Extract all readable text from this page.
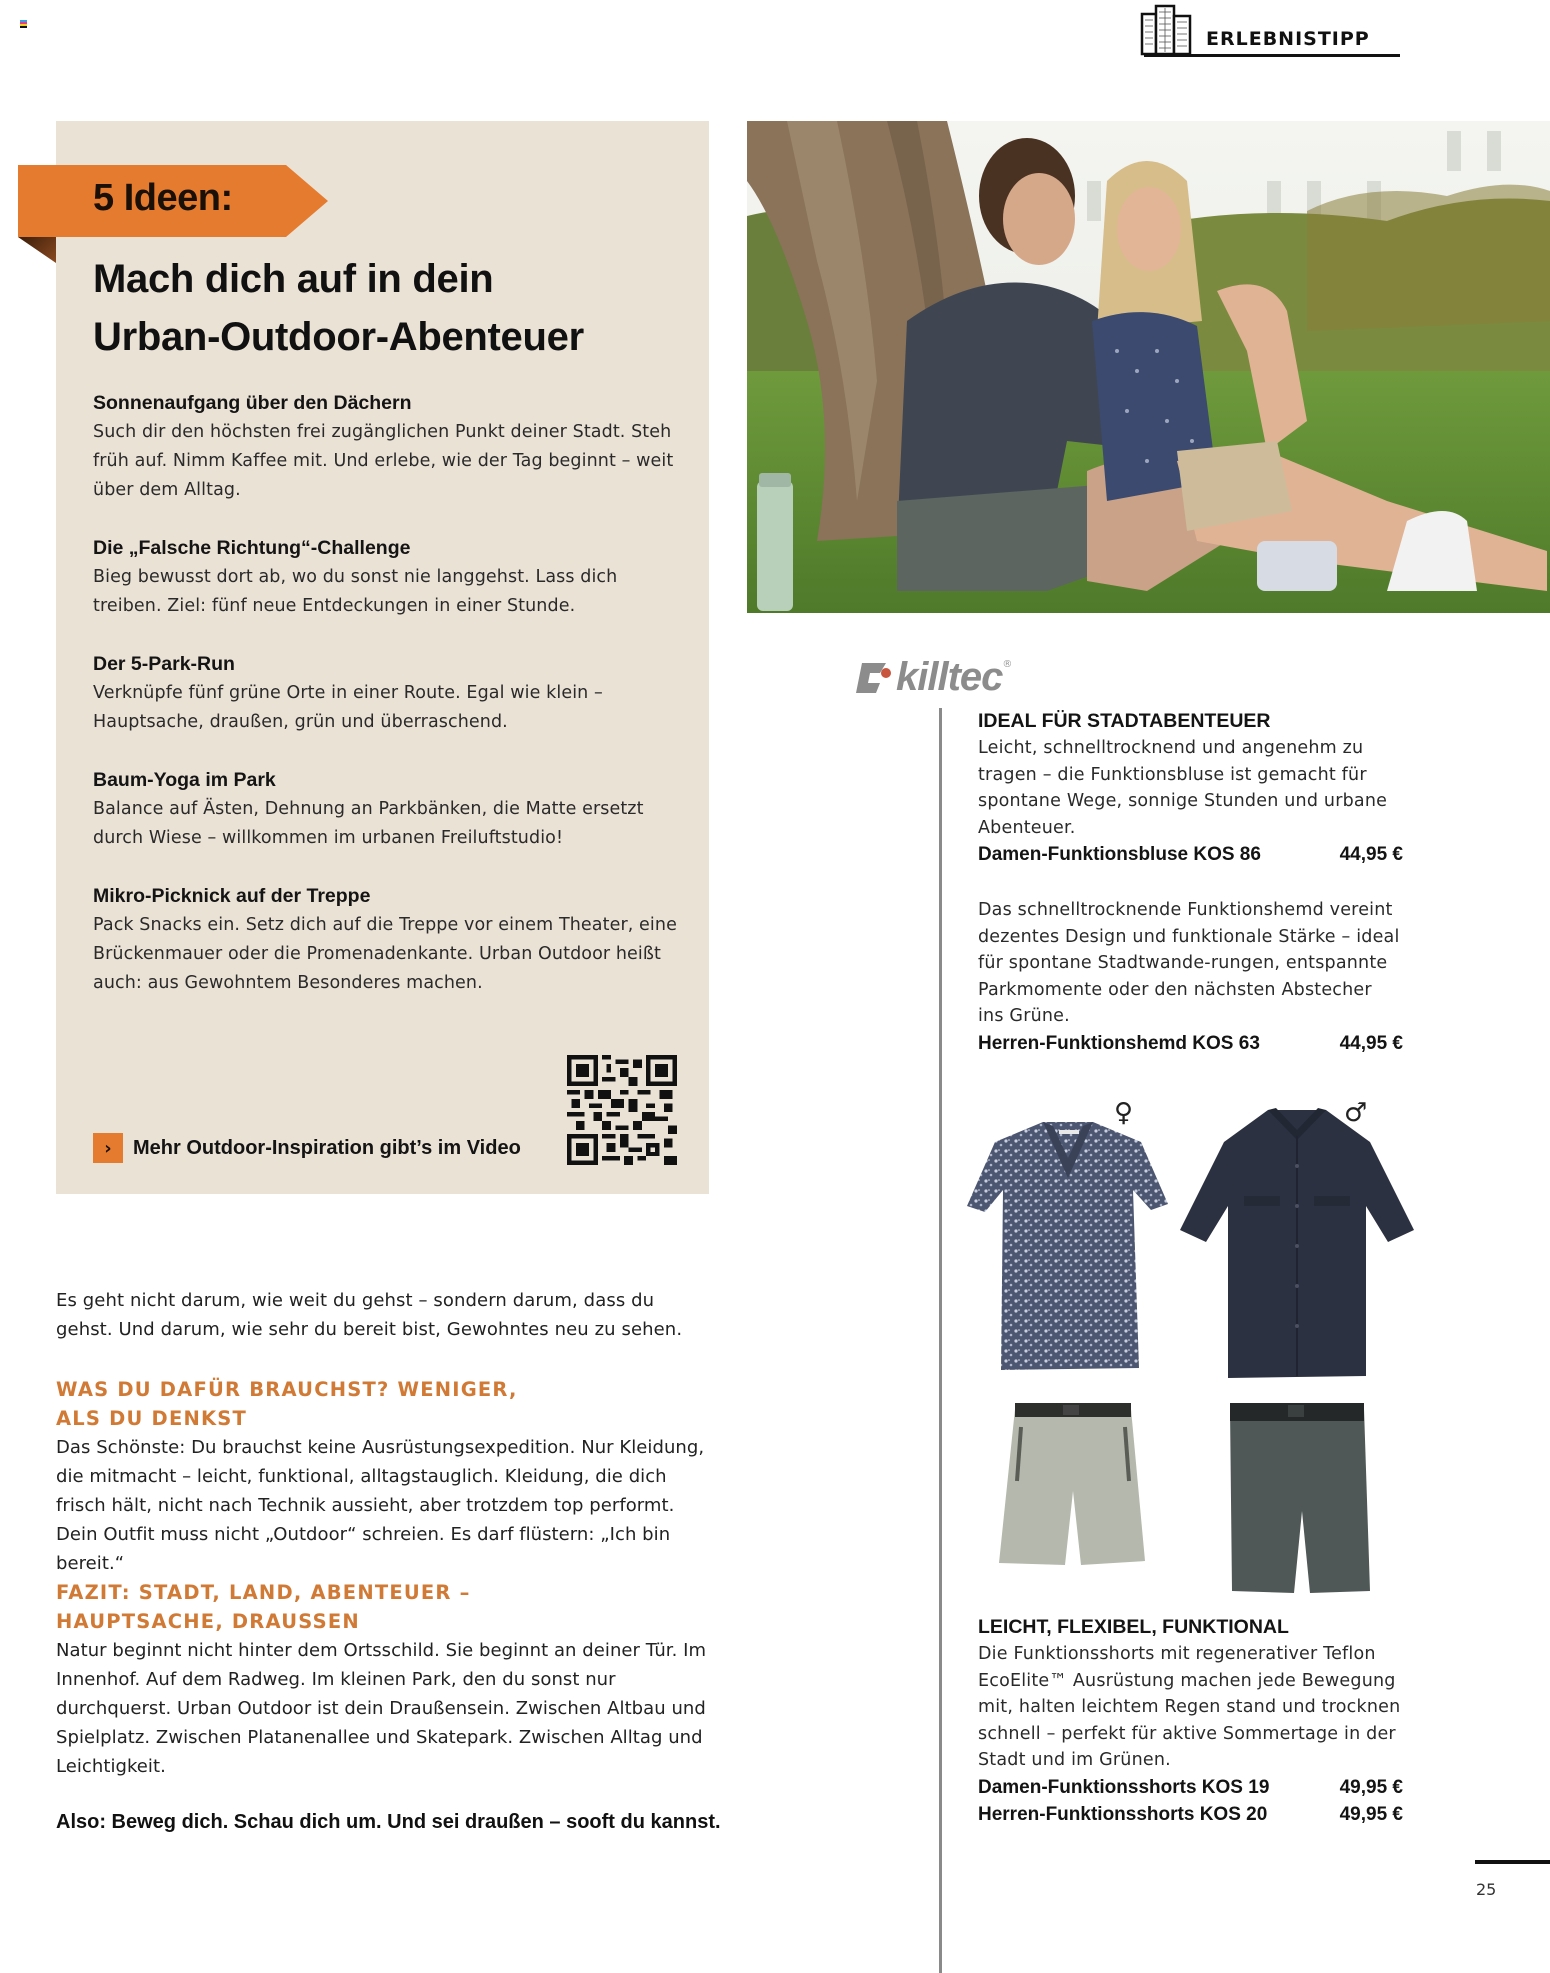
ERLEBNISTIPP
5 Ideen:
Mach dich auf in dein
Urban-Outdoor-Abenteuer
Sonnenaufgang über den Dächern

Such dir den höchsten frei zugänglichen Punkt deiner Stadt. Steh früh auf. Nimm Kaffee mit. Und erlebe, wie der Tag beginnt – weit über dem Alltag.

Die „Falsche Richtung“-Challenge

Bieg bewusst dort ab, wo du sonst nie langgehst. Lass dich treiben. Ziel: fünf neue Entdeckungen in einer Stunde.

Der 5-Park-Run

Verknüpfe fünf grüne Orte in einer Route. Egal wie klein – Hauptsache, draußen, grün und überraschend.

Baum-Yoga im Park

Balance auf Ästen, Dehnung an Parkbänken, die Matte ersetzt durch Wiese – willkommen im urbanen Freiluftstudio!

Mikro-Picknick auf der Treppe

Pack Snacks ein. Setz dich auf die Treppe vor einem Theater, eine Brückenmauer oder die Promenadenkante. Urban Outdoor heißt auch: aus Gewohntem Besonderes machen.

›	Mehr Outdoor-Inspiration gibt’s im Video

Es geht nicht darum, wie weit du gehst – sondern darum, dass du gehst. Und darum, wie sehr du bereit bist, Gewohntes neu zu sehen.

WAS DU DAFÜR BRAUCHST? WENIGER,
ALS DU DENKST

Das Schönste: Du brauchst keine Ausrüstungsexpedition. Nur Kleidung, die mitmacht – leicht, funktional, alltagstauglich. Kleidung, die dich frisch hält, nicht nach Technik aussieht, aber trotzdem top performt. Dein Outfit muss nicht „Outdoor“ schreien. Es darf flüstern: „Ich bin bereit.“

FAZIT: STADT, LAND, ABENTEUER –
HAUPTSACHE, DRAUSSEN

Natur beginnt nicht hinter dem Ortsschild. Sie beginnt an deiner Tür. Im Innenhof. Auf dem Radweg. Im kleinen Park, den du sonst nur durchquerst. Urban Outdoor ist dein Draußensein. Zwischen Altbau und Spielplatz. Zwischen Platanenallee und Skatepark. Zwischen Alltag und Leichtigkeit.

Also: Beweg dich. Schau dich um. Und sei draußen – sooft du kannst.

killtec ®
IDEAL FÜR STADTABENTEUER

Leicht, schnelltrocknend und angenehm zu tragen – die Funktionsbluse ist gemacht für spontane Wege, sonnige Stunden und urbane Abenteuer.

Damen-Funktionsbluse KOS 86	44,95 €

Das schnelltrocknende Funktionshemd vereint dezentes Design und funktionale Stärke – ideal für spontane Stadtwande-rungen, entspannte Parkmomente oder den nächsten Abstecher ins Grüne.

Herren-Funktionshemd KOS 63	44,95 €
♀	♂
LEICHT, FLEXIBEL, FUNKTIONAL

Die Funktionsshorts mit regenerativer Teflon EcoElite™ Ausrüstung machen jede Bewegung mit, halten leichtem Regen stand und trocknen schnell – perfekt für aktive Sommertage in der Stadt und im Grünen.

Damen-Funktionsshorts KOS 19	49,95 €
Herren-Funktionsshorts KOS 20	49,95 €
25
